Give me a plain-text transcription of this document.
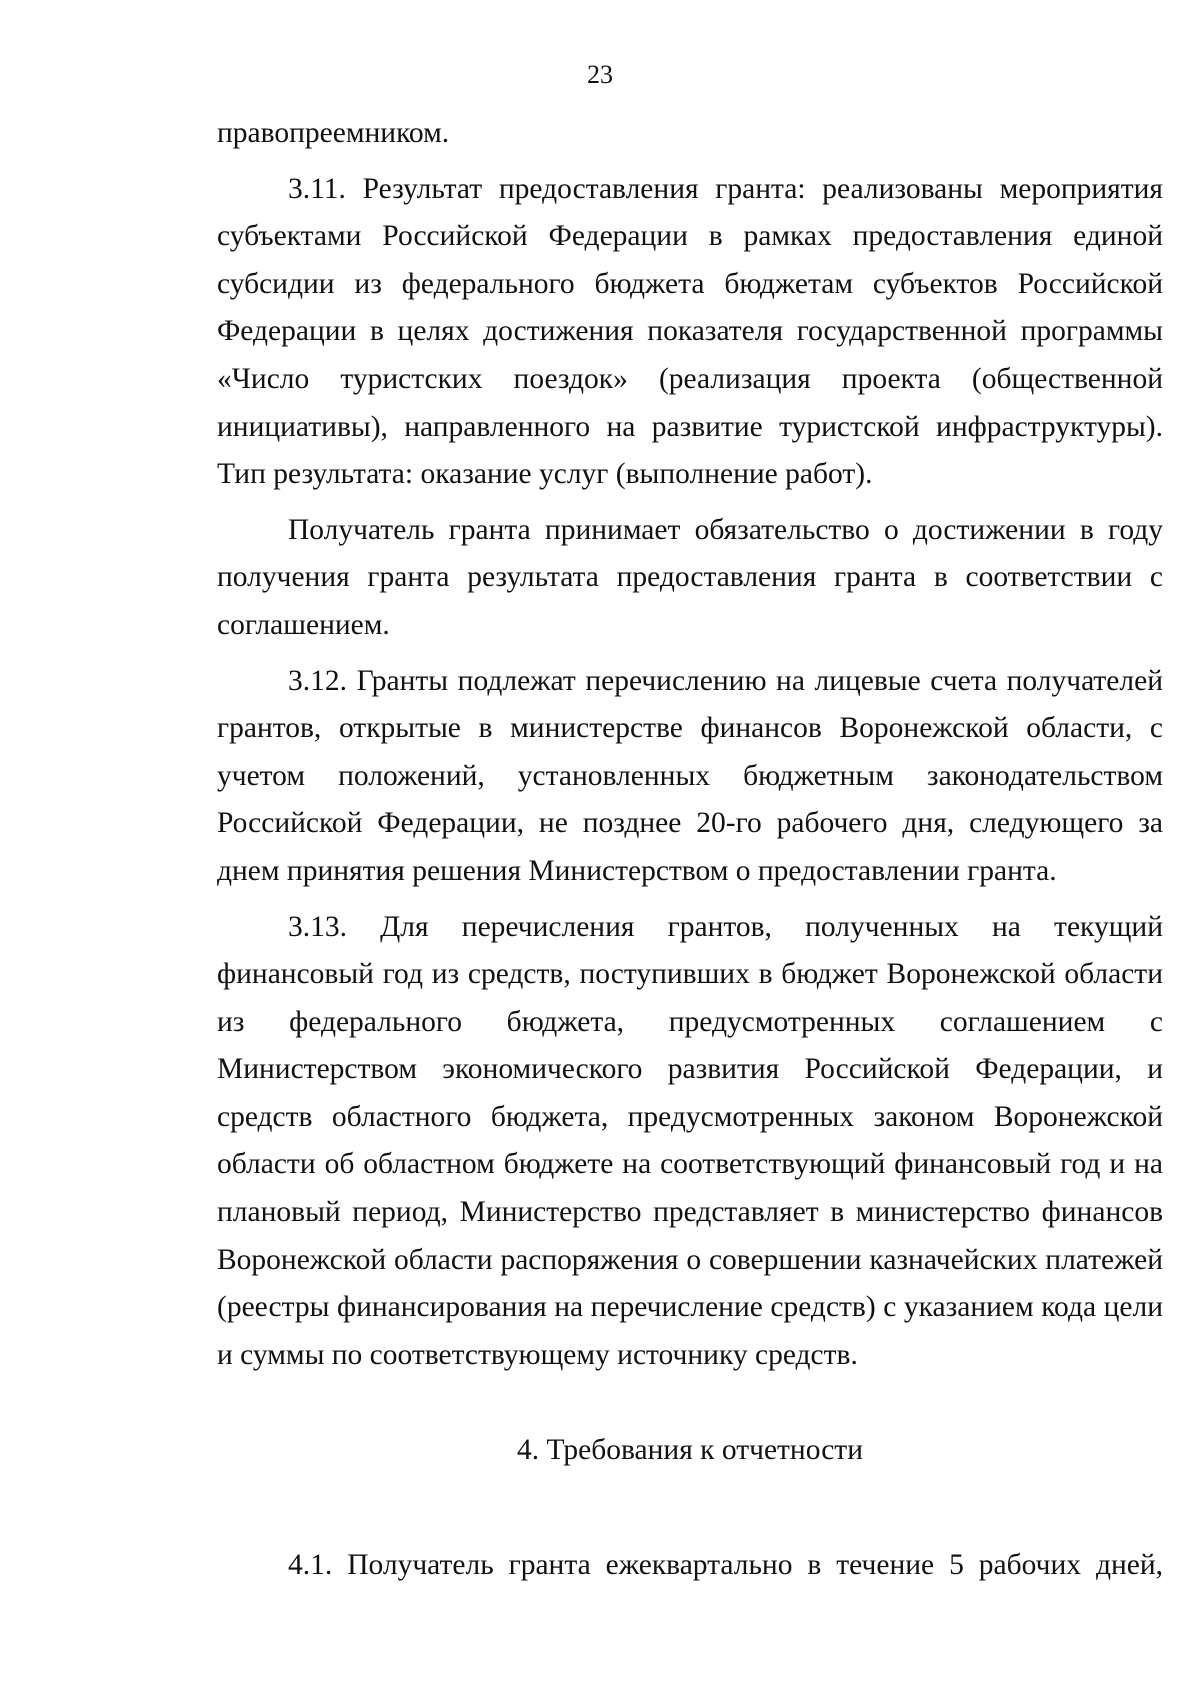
23

правопреемником.

3.11. Результат предоставления гранта: реализованы мероприятия субъектами Российской Федерации в рамках предоставления единой субсидии из федерального бюджета бюджетам субъектов Российской Федерации в целях достижения показателя государственной программы «Число туристских поездок» (реализация проекта (общественной инициативы), направленного на развитие туристской инфраструктуры). Тип результата: оказание услуг (выполнение работ).

Получатель гранта принимает обязательство о достижении в году получения гранта результата предоставления гранта в соответствии с соглашением.

3.12. Гранты подлежат перечислению на лицевые счета получателей грантов, открытые в министерстве финансов Воронежской области, с учетом положений, установленных бюджетным законодательством Российской Федерации, не позднее 20-го рабочего дня, следующего за днем принятия решения Министерством о предоставлении гранта.

3.13. Для перечисления грантов, полученных на текущий финансовый год из средств, поступивших в бюджет Воронежской области из федерального бюджета, предусмотренных соглашением с Министерством экономического развития Российской Федерации, и средств областного бюджета, предусмотренных законом Воронежской области об областном бюджете на соответствующий финансовый год и на плановый период, Министерство представляет в министерство финансов Воронежской области распоряжения о совершении казначейских платежей (реестры финансирования на перечисление средств) с указанием кода цели и суммы по соответствующему источнику средств.

4. Требования к отчетности

4.1. Получатель гранта ежеквартально в течение 5 рабочих дней,
